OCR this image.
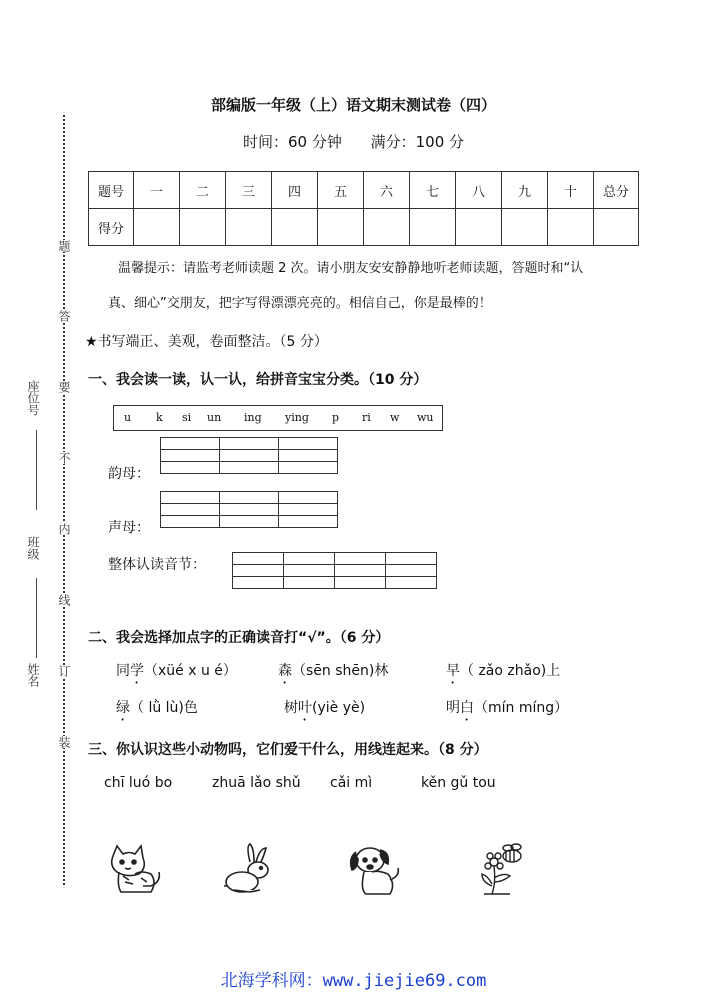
题
答
要
不
内
线
订
装
座位号
班级
姓名
部编版一年级（上）语文期末测试卷（四）
时间：60 分钟 满分：100 分
题号	一	二	三	四	五	六	七	八	九	十	总分
得分											
温馨提示：请监考老师读题 2 次。请小朋友安安静静地听老师读题，答题时和“认
真、细心”交朋友，把字写得漂漂亮亮的。相信自己，你是最棒的！
★书写端正、美观，卷面整洁。（5 分）
一、我会读一读，认一认，给拼音宝宝分类。（10 分）
u k si un ing ying p ri w wu

韵母：

声母：
整体认读音节：

二、我会选择加点字的正确读音打“√”。（6 分）
同学（xüé x u é）	森（sēn shēn)林	早（ zǎo zhǎo)上
绿（ lǜ lù)色	树叶(yiè yè)	明白（mín míng）
三、你认识这些小动物吗，它们爱干什么，用线连起来。（8 分）
chī luó bo	zhuā lǎo shǔ cǎi mì	kěn gǔ tou
北海学科网：www.jiejie69.com
